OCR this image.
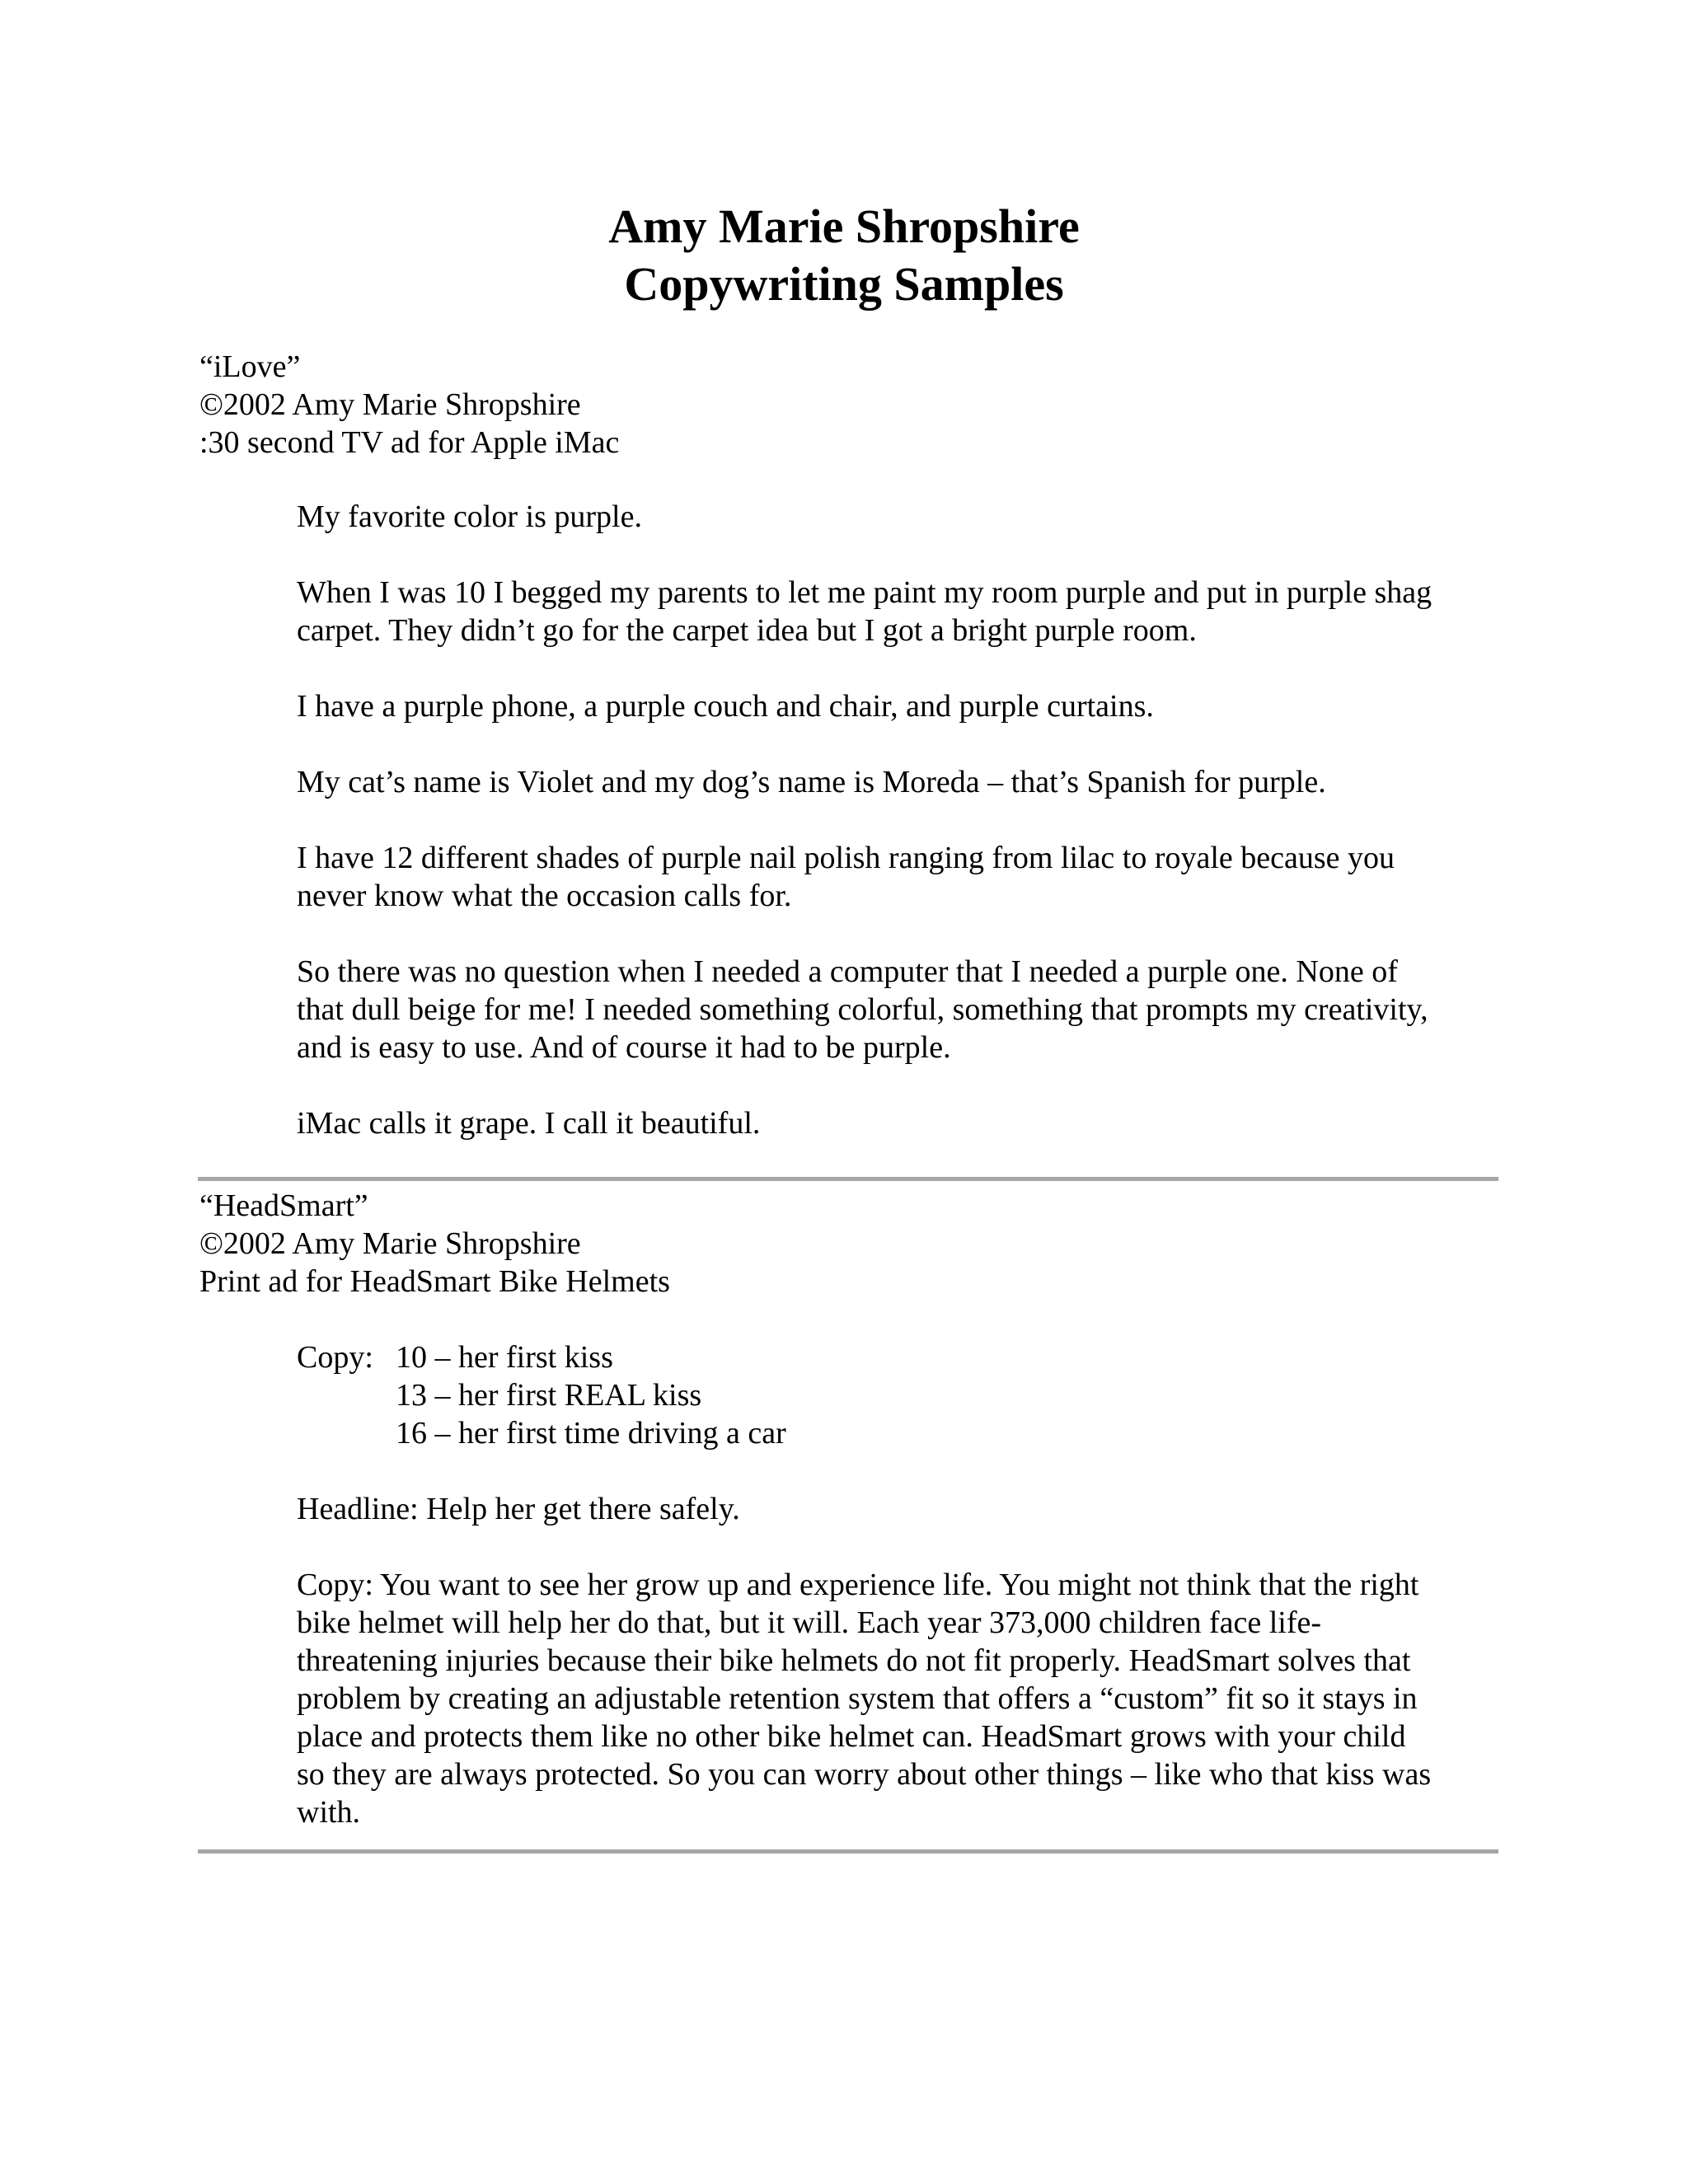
Amy Marie Shropshire
Copywriting Samples

“iLove”

©2002 Amy Marie Shropshire

:30 second TV ad for Apple iMac

My favorite color is purple.
When I was 10 I begged my parents to let me paint my room purple and put in purple shag
carpet. They didn’t go for the carpet idea but I got a bright purple room.
I have a purple phone, a purple couch and chair, and purple curtains.
My cat’s name is Violet and my dog’s name is Moreda – that’s Spanish for purple.
I have 12 different shades of purple nail polish ranging from lilac to royale because you
never know what the occasion calls for.
So there was no question when I needed a computer that I needed a purple one. None of
that dull beige for me! I needed something colorful, something that prompts my creativity,
and is easy to use. And of course it had to be purple.
iMac calls it grape. I call it beautiful.

“HeadSmart”

©2002 Amy Marie Shropshire

Print ad for HeadSmart Bike Helmets

Copy: 10 – her first kiss
13 – her first REAL kiss
16 – her first time driving a car
Headline: Help her get there safely.
Copy: You want to see her grow up and experience life. You might not think that the right
bike helmet will help her do that, but it will. Each year 373,000 children face life-
threatening injuries because their bike helmets do not fit properly. HeadSmart solves that
problem by creating an adjustable retention system that offers a “custom” fit so it stays in
place and protects them like no other bike helmet can. HeadSmart grows with your child
so they are always protected. So you can worry about other things – like who that kiss was
with.
